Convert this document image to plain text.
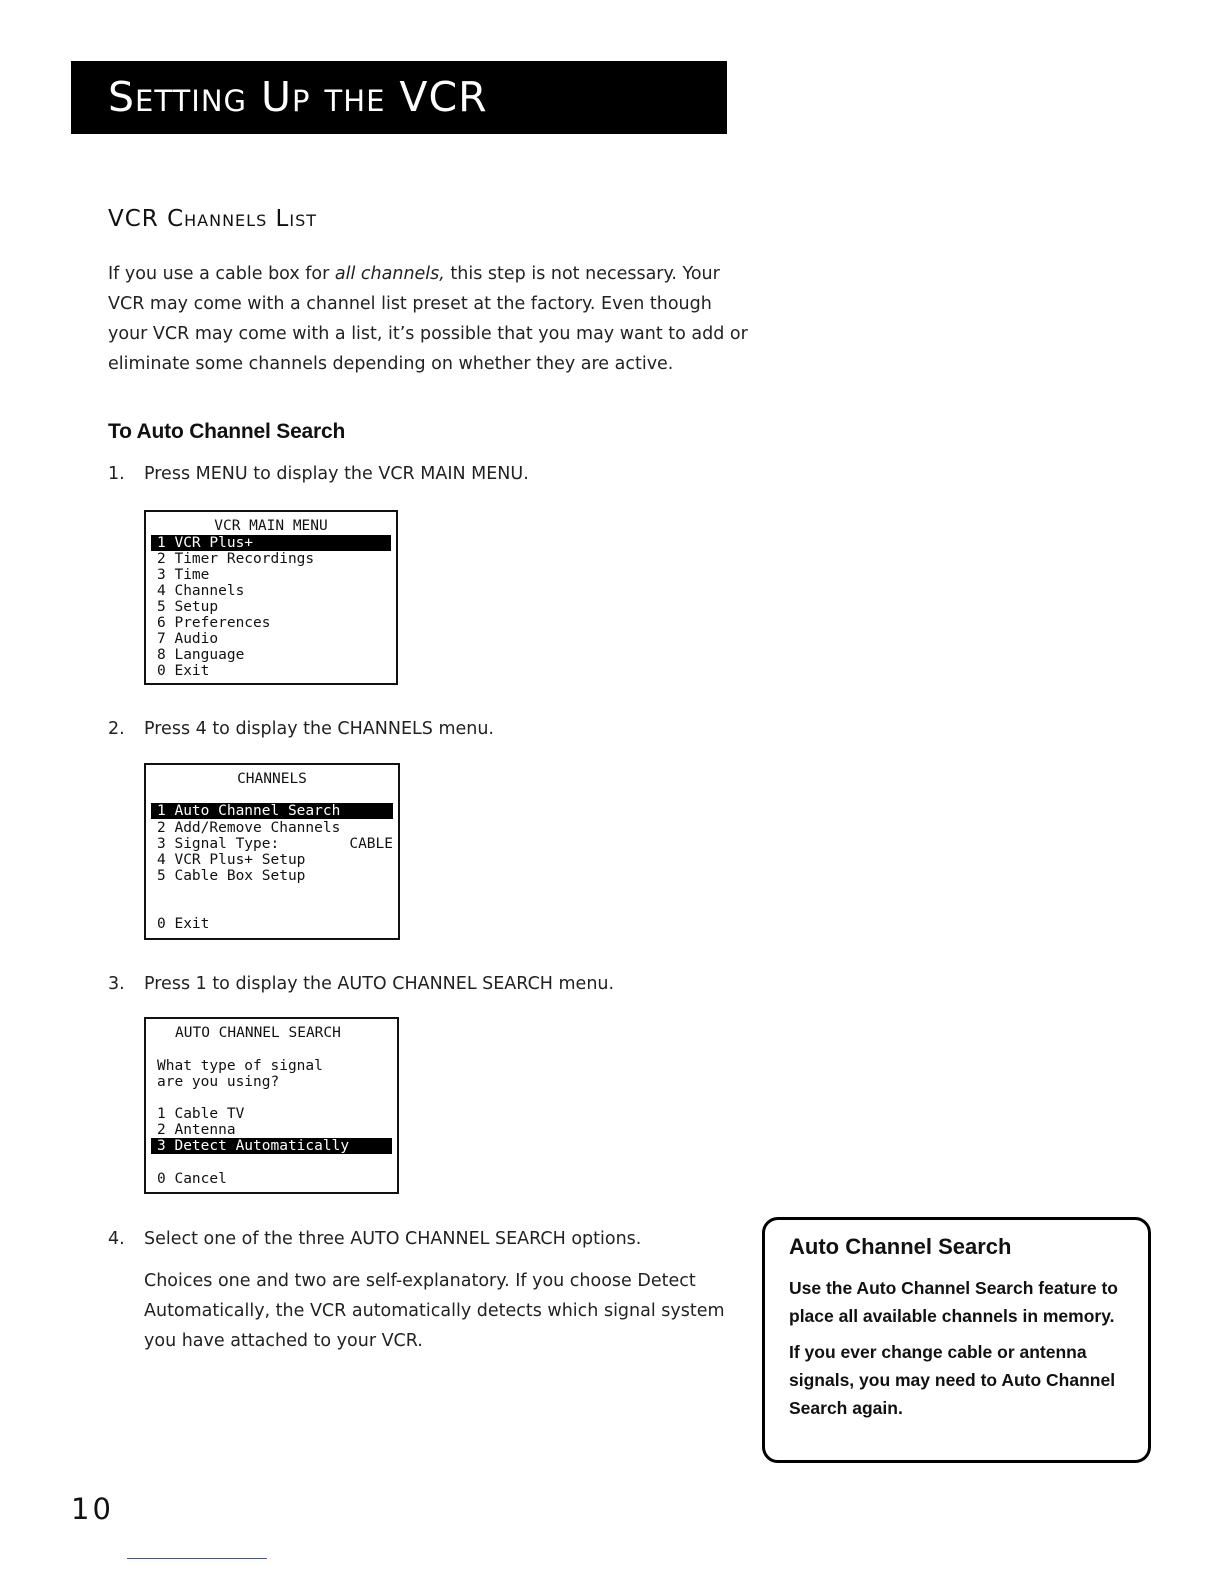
Setting Up the VCR
VCR Channels List

If you use a cable box for all channels, this step is not necessary. Your VCR may come with a channel list preset at the factory. Even though your VCR may come with a list, it’s possible that you may want to add or eliminate some channels depending on whether they are active.

To Auto Channel Search

1. Press MENU to display the VCR MAIN MENU.

VCR MAIN MENU
1 VCR Plus+
2 Timer Recordings
3 Time
4 Channels
5 Setup
6 Preferences
7 Audio
8 Language
0 Exit

2. Press 4 to display the CHANNELS menu.

CHANNELS
1 Auto Channel Search
2 Add/Remove Channels
3 Signal Type:	CABLE
4 VCR Plus+ Setup
5 Cable Box Setup
0 Exit

3. Press 1 to display the AUTO CHANNEL SEARCH menu.

AUTO CHANNEL SEARCH
What type of signal
are you using?
1 Cable TV
2 Antenna
3 Detect Automatically
0 Cancel

4. Select one of the three AUTO CHANNEL SEARCH options.

Choices one and two are self-explanatory. If you choose Detect Automatically, the VCR automatically detects which signal system you have attached to your VCR.

Auto Channel Search

Use the Auto Channel Search feature to place all available channels in memory.

If you ever change cable or antenna signals, you may need to Auto Channel Search again.

10
